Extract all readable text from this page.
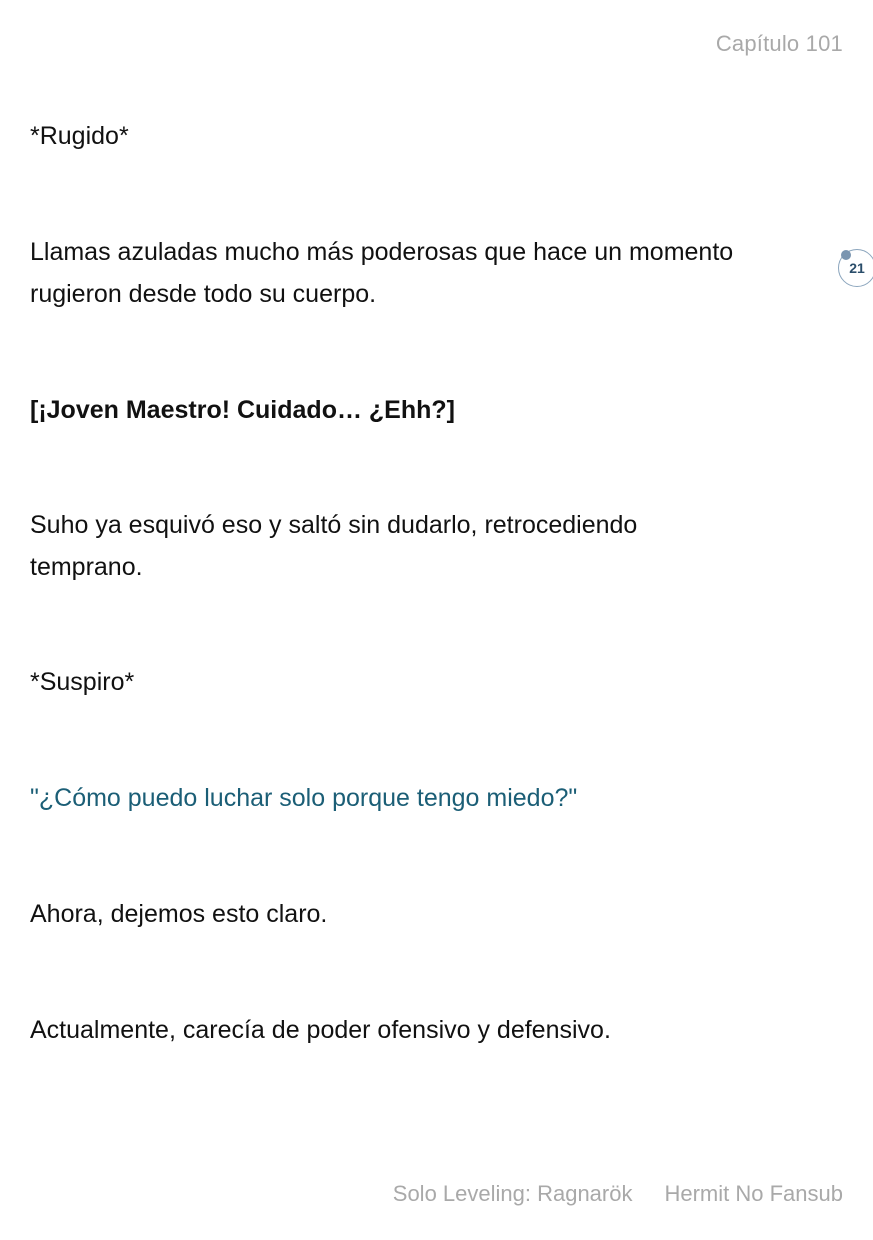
Capítulo 101

*Rugido*

Llamas azuladas mucho más poderosas que hace un momento rugieron desde todo su cuerpo.

[¡Joven Maestro! Cuidado… ¿Ehh?]

Suho ya esquivó eso y saltó sin dudarlo, retrocediendo temprano.

*Suspiro*

"¿Cómo puedo luchar solo porque tengo miedo?"

Ahora, dejemos esto claro.

Actualmente, carecía de poder ofensivo y defensivo.

21
Solo Leveling: Ragnarök Hermit No Fansub
